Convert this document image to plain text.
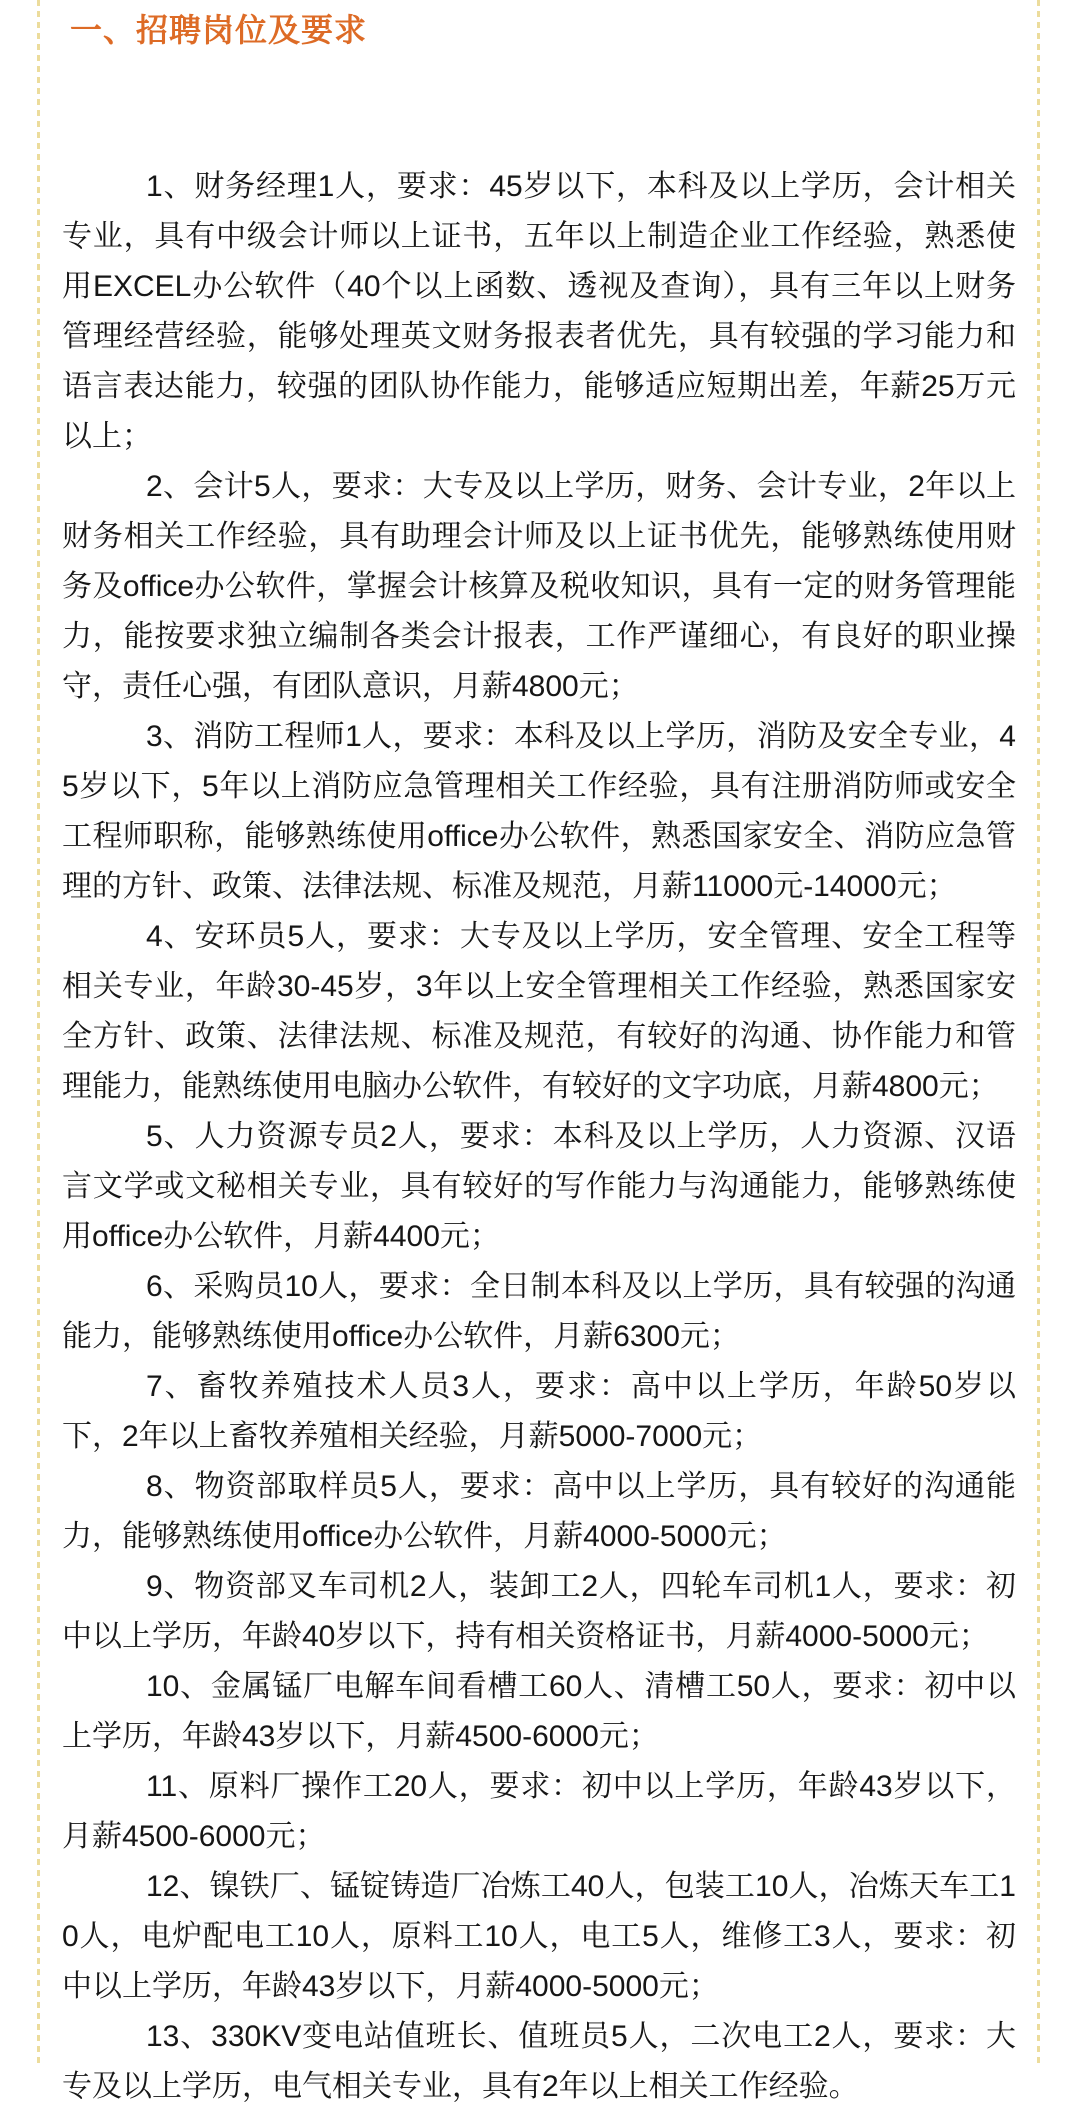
一、招聘岗位及要求

1、财务经理1人，要求：45岁以下，本科及以上学历，会计相关专业，具有中级会计师以上证书，五年以上制造企业工作经验，熟悉使用EXCEL办公软件（40个以上函数、透视及查询），具有三年以上财务管理经营经验，能够处理英文财务报表者优先，具有较强的学习能力和语言表达能力，较强的团队协作能力，能够适应短期出差，年薪25万元以上；

2、会计5人，要求：大专及以上学历，财务、会计专业，2年以上财务相关工作经验，具有助理会计师及以上证书优先，能够熟练使用财务及office办公软件，掌握会计核算及税收知识，具有一定的财务管理能力，能按要求独立编制各类会计报表，工作严谨细心，有良好的职业操守，责任心强，有团队意识，月薪4800元；

3、消防工程师1人，要求：本科及以上学历，消防及安全专业，45岁以下，5年以上消防应急管理相关工作经验，具有注册消防师或安全工程师职称，能够熟练使用office办公软件，熟悉国家安全、消防应急管理的方针、政策、法律法规、标准及规范，月薪11000元-14000元；

4、安环员5人，要求：大专及以上学历，安全管理、安全工程等相关专业，年龄30-45岁，3年以上安全管理相关工作经验，熟悉国家安全方针、政策、法律法规、标准及规范，有较好的沟通、协作能力和管理能力，能熟练使用电脑办公软件，有较好的文字功底，月薪4800元；

5、人力资源专员2人，要求：本科及以上学历，人力资源、汉语言文学或文秘相关专业，具有较好的写作能力与沟通能力，能够熟练使用office办公软件，月薪4400元；

6、采购员10人，要求：全日制本科及以上学历，具有较强的沟通能力，能够熟练使用office办公软件，月薪6300元；

7、畜牧养殖技术人员3人，要求：高中以上学历，年龄50岁以下，2年以上畜牧养殖相关经验，月薪5000-7000元；

8、物资部取样员5人，要求：高中以上学历，具有较好的沟通能力，能够熟练使用office办公软件，月薪4000-5000元；

9、物资部叉车司机2人，装卸工2人，四轮车司机1人，要求：初中以上学历，年龄40岁以下，持有相关资格证书，月薪4000-5000元；

10、金属锰厂电解车间看槽工60人、清槽工50人，要求：初中以上学历，年龄43岁以下，月薪4500-6000元；

11、原料厂操作工20人，要求：初中以上学历，年龄43岁以下，月薪4500-6000元；

12、镍铁厂、锰锭铸造厂冶炼工40人，包装工10人，冶炼天车工10人，电炉配电工10人，原料工10人，电工5人，维修工3人，要求：初中以上学历，年龄43岁以下，月薪4000-5000元；

13、330KV变电站值班长、值班员5人，二次电工2人，要求：大专及以上学历，电气相关专业，具有2年以上相关工作经验。
